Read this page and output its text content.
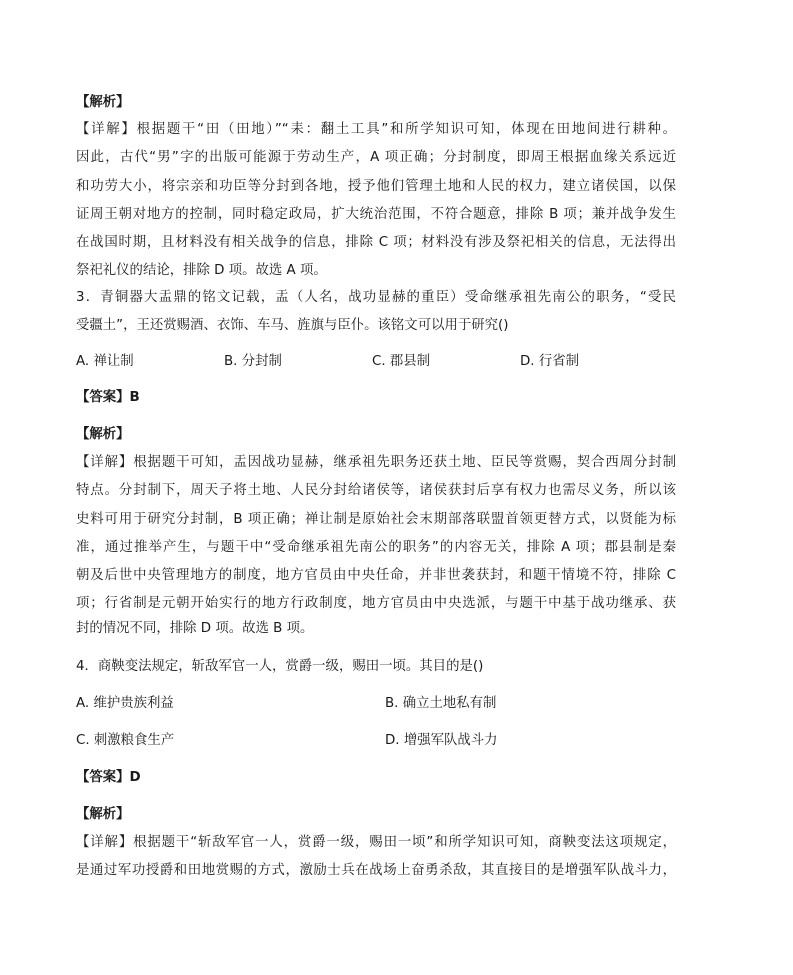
【解析】
【详解】根据题干“田（田地）”“耒：翻土工具”和所学知识可知，体现在田地间进行耕种。
因此，古代“男”字的出版可能源于劳动生产，A 项正确；分封制度，即周王根据血缘关系远近
和功劳大小，将宗亲和功臣等分封到各地，授予他们管理土地和人民的权力，建立诸侯国，以保
证周王朝对地方的控制，同时稳定政局，扩大统治范围，不符合题意，排除 B 项；兼并战争发生
在战国时期，且材料没有相关战争的信息，排除 C 项；材料没有涉及祭祀相关的信息，无法得出
祭祀礼仪的结论，排除 D 项。故选 A 项。
3．青铜器大盂鼎的铭文记载，盂（人名，战功显赫的重臣）受命继承祖先南公的职务，“受民
受疆土”，王还赏赐酒、衣饰、车马、旌旗与臣仆。该铭文可以用于研究()
A. 禅让制	B. 分封制	C. 郡县制	D. 行省制
【答案】B
【解析】
【详解】根据题干可知，盂因战功显赫，继承祖先职务还获土地、臣民等赏赐，契合西周分封制
特点。分封制下，周天子将土地、人民分封给诸侯等，诸侯获封后享有权力也需尽义务，所以该
史料可用于研究分封制，B 项正确；禅让制是原始社会末期部落联盟首领更替方式，以贤能为标
准，通过推举产生，与题干中“受命继承祖先南公的职务”的内容无关，排除 A 项；郡县制是秦
朝及后世中央管理地方的制度，地方官员由中央任命，并非世袭获封，和题干情境不符，排除 C
项；行省制是元朝开始实行的地方行政制度，地方官员由中央选派，与题干中基于战功继承、获
封的情况不同，排除 D 项。故选 B 项。
4．商鞅变法规定，斩敌军官一人，赏爵一级，赐田一顷。其目的是()
A. 维护贵族利益	B. 确立土地私有制
C. 刺激粮食生产	D. 增强军队战斗力
【答案】D
【解析】
【详解】根据题干“斩敌军官一人，赏爵一级，赐田一顷”和所学知识可知，商鞅变法这项规定，
是通过军功授爵和田地赏赐的方式，激励士兵在战场上奋勇杀敌，其直接目的是增强军队战斗力，
